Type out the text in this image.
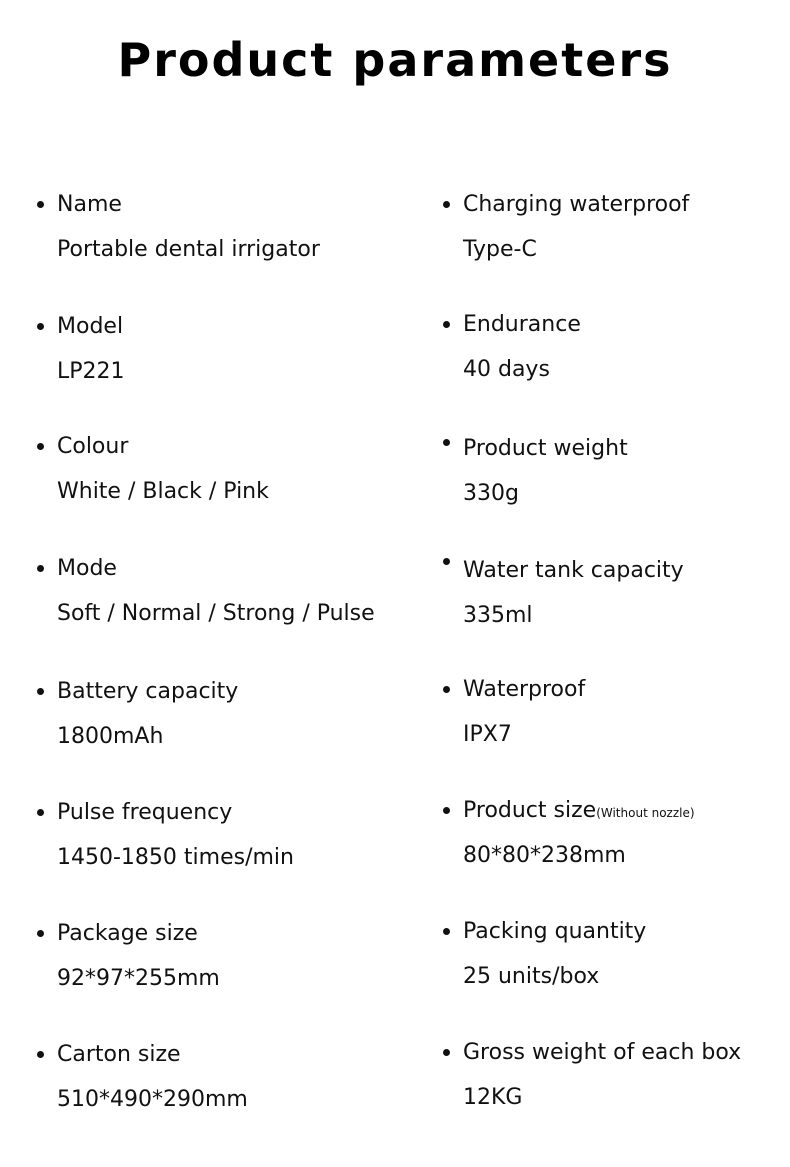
Product parameters
Name
Portable dental irrigator
Model
LP221
Colour
White / Black / Pink
Mode
Soft / Normal / Strong / Pulse
Battery capacity
1800mAh
Pulse frequency
1450-1850 times/min
Package size
92*97*255mm
Carton size
510*490*290mm
Charging waterproof
Type-C
Endurance
40 days
Product weight
330g
Water tank capacity
335ml
Waterproof
IPX7
Product size(Without nozzle)
80*80*238mm
Packing quantity
25 units/box
Gross weight of each box
12KG
